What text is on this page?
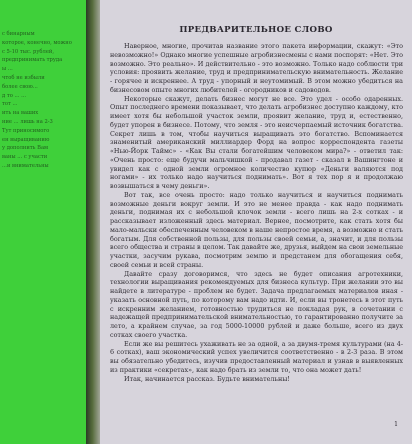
с бинарным
которое, конечно, можно
с 5-10 тыс. рублей,
предпринимать труда
ы ...
чтоб не избыли
более свою...
д то ... ...
тот ...
ить на ваших
ние ... лишь на 2-3
Тут приносимого
ен выращиванию
у дополнить Вам
ваны ... с участи
...и внимательны
ПРЕДВАРИТЕЛЬНОЕ СЛОВО

Наверное, многие, прочитав название этого пакета информации, скажут: «Это невозможно!» Однако многие успешные агробизнесмены с нами поспорят: «Нет. Это возможно. Это реально». И действительно - это возможно. Только надо соблюсти три условия: проявить желание, труд и предпринимательскую внимательность. Желание - горячее и искреннее. А труд - упорный и неутомимый. В этом можно убедиться на бизнесовом опыте многих любителей - огородников и садоводов.

Некоторые скажут, делать бизнес могут не все. Это удел - особо одаренных. Опыт последнего времени показывает, что делать агробизнес доступно каждому, кто имеет хотя бы небольшой участок земли, проявит желание, труд и, естественно, будет упорен в бизнесе. Потому, что земля - это неисчерпаемый источник богатства. Секрет лишь в том, чтобы научиться выращивать это богатство. Вспоминается знаменитый американский миллиардер Форд на вопрос корреспондента газеты «Нью-Йорк Таймс» - «Как Вы стали богатейшим человеком мира?» - ответил так: «Очень просто: еще будучи мальчишкой - продавал газет - сказал в Вашингтоне и увидел как с одной земли огромное количество купюр «Деньги валяются под ногами» - их только надо научиться поднимать». Вот я тех пор я и продолжаю возвышаться в чему деньги».

Вот так, все очень просто: надо только научиться и научиться поднимать возможные деньги вокруг земли. И это не менее правда - как надо поднимать деньги, поднимая их с небольшой клочок земли - всего лишь на 2-х сотках - и рассказывает изложенный здесь материал. Вернее, посмотрите, как стать хотя бы мало-мальски обеспеченным человеком в наше непростое время, а возможно и стать богатым. Для собственной пользы, для пользы своей семьи, а, значит, и для пользы всего общества и страны в целом. Так давайте же, друзья, выйдем на свои земельные участки, засучим рукава, посмотрим землю и предстанем для обогащения себя, своей семьи и всей страны.

Давайте сразу договоримся, что здесь не будет описания агротехники, технологии выращивания рекомендуемых для бизнеса культур. При желании это вы найдете в литературе - проблем не будет. Задача предлагаемых материалов иная - указать основной путь, по которому вам надо идти. И, если вы тронетесь в этот путь с искренним желанием, готовностью трудиться не покладая рук, в сочетании с надежащей предпринимательской внимательностью, то гарантированно получите за лето, а крайнем случае, за год 5000-10000 рублей и даже больше, всего из двух сотках своего участка.

Если же вы решитесь ухаживать не за одной, а за двумя-тремя культурами (на 4-6 сотках), ваш экономический успех увеличится соответственно - в 2-3 раза. В этом вы обязательно убедитесь, изучив предоставленный материал и узнав в выявленных из практики «секретах», как надо брать из земли то, что она может дать!

Итак, начинается рассказ. Будьте внимательны!

1
